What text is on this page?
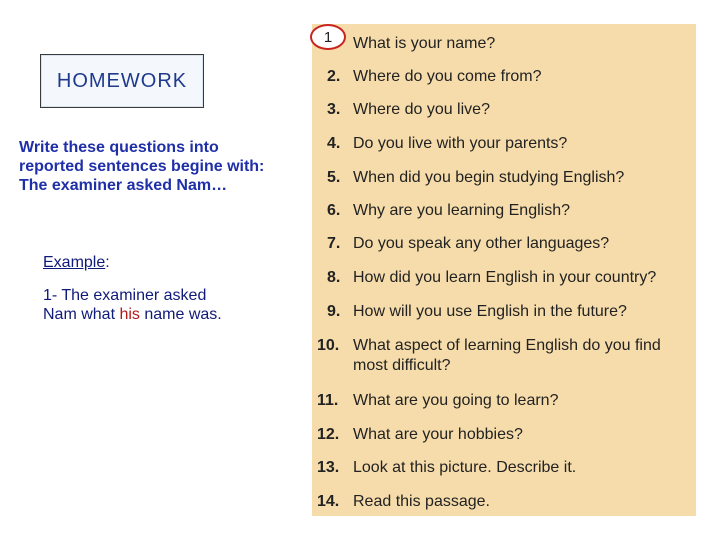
HOMEWORK
Write these questions into
reported sentences begine with:
The examiner asked Nam…
Example:
1- The examiner asked
Nam what his name was.
What is your name?
2. Where do you come from?
3. Where do you live?
4. Do you live with your parents?
5. When did you begin studying English?
6. Why are you learning English?
7. Do you speak any other languages?
8. How did you learn English in your country?
9. How will you use English in the future?
10. What aspect of learning English do you find most difficult?
11. What are you going to learn?
12. What are your hobbies?
13. Look at this picture. Describe it.
14. Read this passage.
1
